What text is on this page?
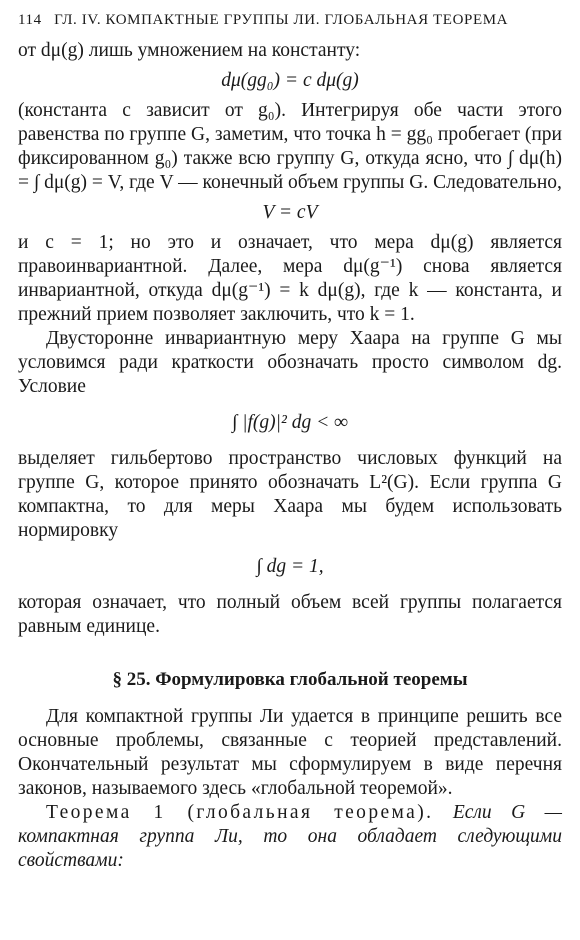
114 ГЛ. IV. КОМПАКТНЫЕ ГРУППЫ ЛИ. ГЛОБАЛЬНАЯ ТЕОРЕМА

от dμ(g) лишь умножением на константу:

dμ(gg₀) = c dμ(g)

(константа c зависит от g₀). Интегрируя обе части этого равенства по группе G, заметим, что точка h = gg₀ пробегает (при фиксированном g₀) также всю группу G, откуда ясно, что ∫ dμ(h) = ∫ dμ(g) = V, где V — конечный объем группы G. Следовательно,

V = cV

и c = 1; но это и означает, что мера dμ(g) является правоинвариантной. Далее, мера dμ(g⁻¹) снова является инвариантной, откуда dμ(g⁻¹) = k dμ(g), где k — константа, и прежний прием позволяет заключить, что k = 1.

Двусторонне инвариантную меру Хаара на группе G мы условимся ради краткости обозначать просто символом dg. Условие

∫ |f(g)|² dg < ∞

выделяет гильбертово пространство числовых функций на группе G, которое принято обозначать L²(G). Если группа G компактна, то для меры Хаара мы будем использовать нормировку

∫ dg = 1,

которая означает, что полный объем всей группы полагается равным единице.

§ 25. Формулировка глобальной теоремы

Для компактной группы Ли удается в принципе решить все основные проблемы, связанные с теорией представлений. Окончательный результат мы сформулируем в виде перечня законов, называемого здесь «глобальной теоремой».

Теорема 1 (глобальная теорема). Если G — компактная группа Ли, то она обладает следующими свойствами:
